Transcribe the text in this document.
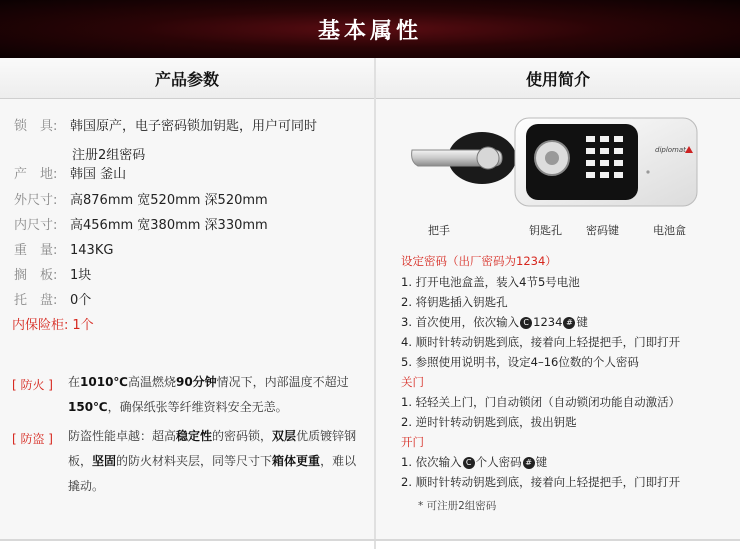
基本属性
产品参数	使用简介
锁　具: 韩国原产，电子密码锁加钥匙，用户可同时
注册2组密码
产　地: 韩国 釜山
外尺寸: 高876mm 宽520mm 深520mm
内尺寸: 高456mm 宽380mm 深330mm
重　量: 143KG
搁　板: 1块
托　盘: 0个
内保险柜: 1个
[ 防火 ] 在1010℃高温燃烧90分钟情况下，内部温度不超过150℃，确保纸张等纤维资料安全无恙。
[ 防盗 ] 防盗性能卓越：超高稳定性的密码锁，双层优质镀锌钢板，坚固的防火材料夹层，同等尺寸下箱体更重，难以撬动。
diplomat
把手	钥匙孔 密码键	电池盒
设定密码（出厂密码为1234）
1. 打开电池盒盖，装入4节5号电池
2. 将钥匙插入钥匙孔
3. 首次使用，依次输入 C 1234 # 键
4. 顺时针转动钥匙到底，接着向上轻提把手，门即打开
5. 参照使用说明书，设定4–16位数的个人密码
关门
1. 轻轻关上门，门自动锁闭（自动锁闭功能自动激活）
2. 逆时针转动钥匙到底，拔出钥匙
开门
1. 依次输入 C 个人密码 # 键
2. 顺时针转动钥匙到底，接着向上轻提把手，门即打开
* 可注册2组密码
